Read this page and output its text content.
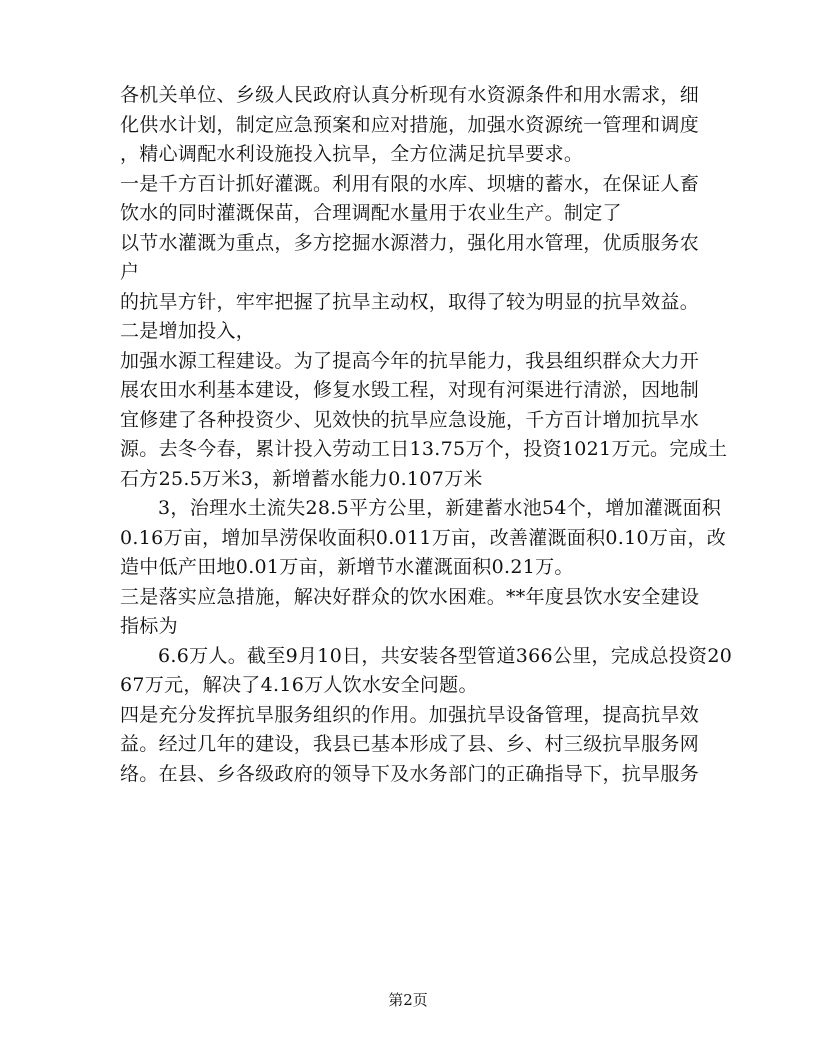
各机关单位、乡级人民政府认真分析现有水资源条件和用水需求，细
化供水计划，制定应急预案和应对措施，加强水资源统一管理和调度
，精心调配水利设施投入抗旱，全方位满足抗旱要求。
一是千方百计抓好灌溉。利用有限的水库、坝塘的蓄水，在保证人畜
饮水的同时灌溉保苗，合理调配水量用于农业生产。制定了
以节水灌溉为重点，多方挖掘水源潜力，强化用水管理，优质服务农
户
的抗旱方针，牢牢把握了抗旱主动权，取得了较为明显的抗旱效益。
二是增加投入，
加强水源工程建设。为了提高今年的抗旱能力，我县组织群众大力开
展农田水利基本建设，修复水毁工程，对现有河渠进行清淤，因地制
宜修建了各种投资少、见效快的抗旱应急设施，千方百计增加抗旱水
源。去冬今春，累计投入劳动工日13.75万个，投资1021万元。完成土
石方25.5万米3，新增蓄水能力0.107万米
3，治理水土流失28.5平方公里，新建蓄水池54个，增加灌溉面积
0.16万亩，增加旱涝保收面积0.011万亩，改善灌溉面积0.10万亩，改
造中低产田地0.01万亩，新增节水灌溉面积0.21万。
三是落实应急措施，解决好群众的饮水困难。**年度县饮水安全建设
指标为
6.6万人。截至9月10日，共安装各型管道366公里，完成总投资20
67万元，解决了4.16万人饮水安全问题。
四是充分发挥抗旱服务组织的作用。加强抗旱设备管理，提高抗旱效
益。经过几年的建设，我县已基本形成了县、乡、村三级抗旱服务网
络。在县、乡各级政府的领导下及水务部门的正确指导下，抗旱服务
第2页
